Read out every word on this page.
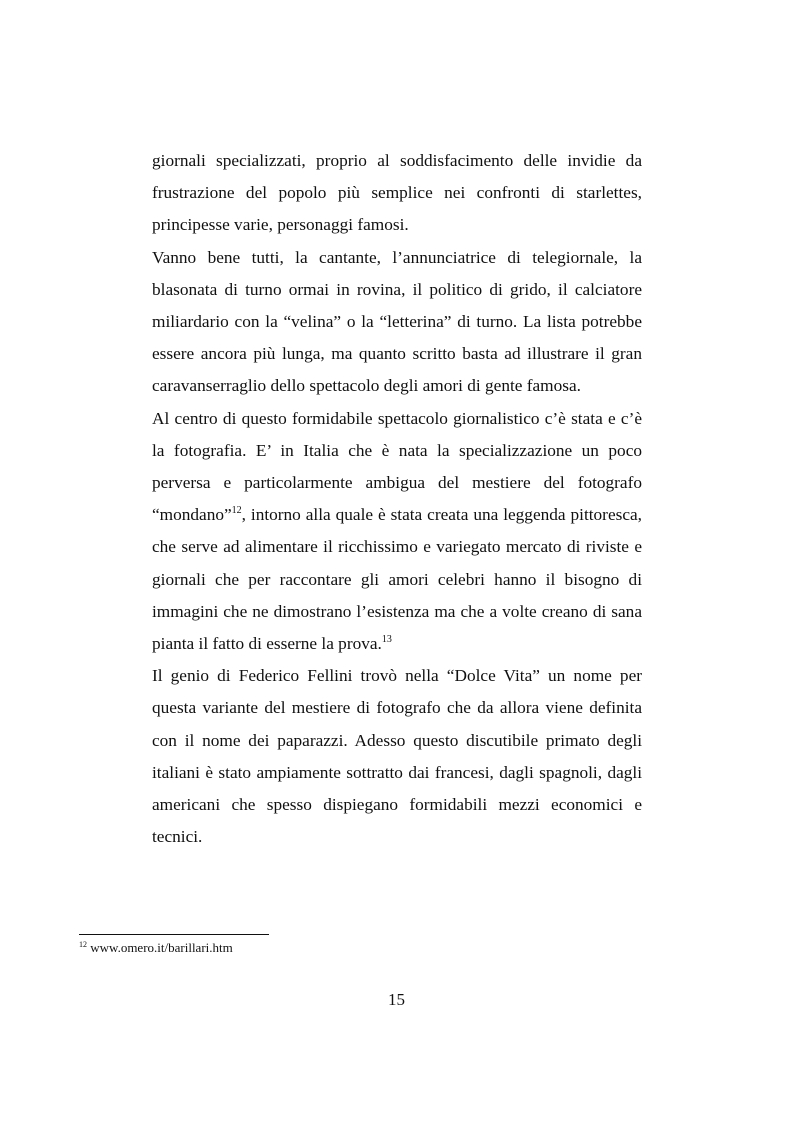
giornali specializzati, proprio al soddisfacimento delle invidie da frustrazione del popolo più semplice nei confronti di starlettes, principesse varie, personaggi famosi.

Vanno bene tutti, la cantante, l’annunciatrice di telegiornale, la blasonata di turno ormai in rovina, il politico di grido, il calciatore miliardario con la “velina” o la “letterina” di turno. La lista potrebbe essere ancora più lunga, ma quanto scritto basta ad illustrare il gran caravanserraglio dello spettacolo degli amori di gente famosa.

Al centro di questo formidabile spettacolo giornalistico c’è stata e c’è la fotografia. E’ in Italia che è nata la specializzazione un poco perversa e particolarmente ambigua del mestiere del fotografo “mondano”$^{12}$, intorno alla quale è stata creata una leggenda pittoresca, che serve ad alimentare il ricchissimo e variegato mercato di riviste e giornali che per raccontare gli amori celebri hanno il bisogno di immagini che ne dimostrano l’esistenza ma che a volte creano di sana pianta il fatto di esserne la prova.$^{13}$

Il genio di Federico Fellini trovò nella “Dolce Vita” un nome per questa variante del mestiere di fotografo che da allora viene definita con il nome dei paparazzi. Adesso questo discutibile primato degli italiani è stato ampiamente sottratto dai francesi, dagli spagnoli, dagli americani che spesso dispiegano formidabili mezzi economici e tecnici.

$^{12}$ www.omero.it/barillari.htm
15
